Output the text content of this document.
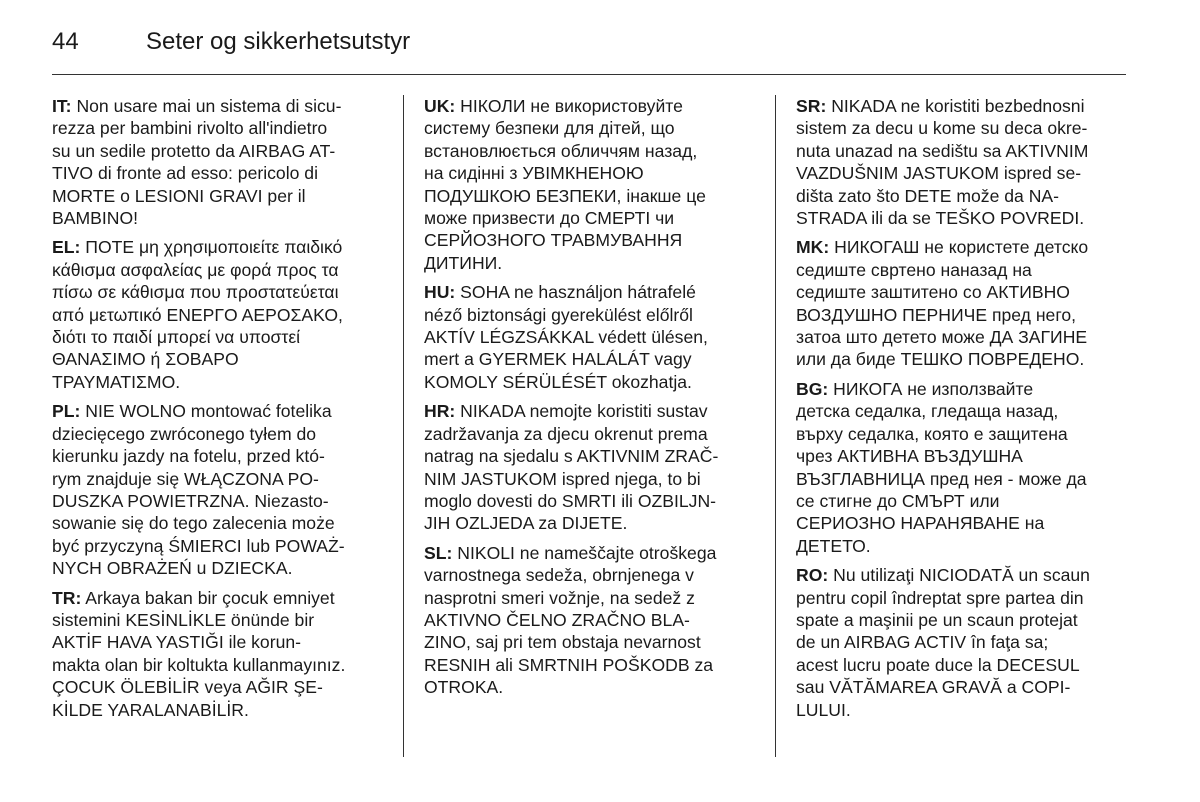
44	Seter og sikkerhetsutstyr
IT: Non usare mai un sistema di sicu-
rezza per bambini rivolto all'indietro
su un sedile protetto da AIRBAG AT-
TIVO di fronte ad esso: pericolo di
MORTE o LESIONI GRAVI per il
BAMBINO!
EL: ΠΟΤΕ μη χρησιμοποιείτε παιδικό
κάθισμα ασφαλείας με φορά προς τα
πίσω σε κάθισμα που προστατεύεται
από μετωπικό ΕΝΕΡΓΟ ΑΕΡΟΣΑΚΟ,
διότι το παιδί μπορεί να υποστεί
ΘΑΝΑΣΙΜΟ ή ΣΟΒΑΡΟ
ΤΡΑΥΜΑΤΙΣΜΟ.
PL: NIE WOLNO montować fotelika
dziecięcego zwróconego tyłem do
kierunku jazdy na fotelu, przed któ-
rym znajduje się WŁĄCZONA PO-
DUSZKA POWIETRZNA. Niezasto-
sowanie się do tego zalecenia może
być przyczyną ŚMIERCI lub POWAŻ-
NYCH OBRAŻEŃ u DZIECKA.
TR: Arkaya bakan bir çocuk emniyet
sistemini KESİNLİKLE önünde bir
AKTİF HAVA YASTIĞI ile korun-
makta olan bir koltukta kullanmayınız.
ÇOCUK ÖLEBİLİR veya AĞIR ŞE-
KİLDE YARALANABİLİR.
UK: НІКОЛИ не використовуйте
систему безпеки для дітей, що
встановлюється обличчям назад,
на сидінні з УВІМКНЕНОЮ
ПОДУШКОЮ БЕЗПЕКИ, інакше це
може призвести до СМЕРТІ чи
СЕРЙОЗНОГО ТРАВМУВАННЯ
ДИТИНИ.
HU: SOHA ne használjon hátrafelé
néző biztonsági gyerekülést előlről
AKTÍV LÉGZSÁKKAL védett ülésen,
mert a GYERMEK HALÁLÁT vagy
KOMOLY SÉRÜLÉSÉT okozhatja.
HR: NIKADA nemojte koristiti sustav
zadržavanja za djecu okrenut prema
natrag na sjedalu s AKTIVNIM ZRAČ-
NIM JASTUKOM ispred njega, to bi
moglo dovesti do SMRTI ili OZBILJN-
JIH OZLJEDA za DIJETE.
SL: NIKOLI ne nameščajte otroškega
varnostnega sedeža, obrnjenega v
nasprotni smeri vožnje, na sedež z
AKTIVNO ČELNO ZRAČNO BLA-
ZINO, saj pri tem obstaja nevarnost
RESNIH ali SMRTNIH POŠKODB za
OTROKA.
SR: NIKADA ne koristiti bezbednosni
sistem za decu u kome su deca okre-
nuta unazad na sedištu sa AKTIVNIM
VAZDUŠNIM JASTUKOM ispred se-
dišta zato što DETE može da NA-
STRADA ili da se TEŠKO POVREDI.
MK: НИКОГАШ не користете детско
седиште свртено наназад на
седиште заштитено со АКТИВНО
ВОЗДУШНО ПЕРНИЧЕ пред него,
затоа што детето може ДА ЗАГИНЕ
или да биде ТЕШКО ПОВРЕДЕНО.
BG: НИКОГА не използвайте
детска седалка, гледаща назад,
върху седалка, която е защитена
чрез АКТИВНА ВЪЗДУШНА
ВЪЗГЛАВНИЦА пред нея - може да
се стигне до СМЪРТ или
СЕРИОЗНО НАРАНЯВАНЕ на
ДЕТЕТО.
RO: Nu utilizaţi NICIODATĂ un scaun
pentru copil îndreptat spre partea din
spate a maşinii pe un scaun protejat
de un AIRBAG ACTIV în faţa sa;
acest lucru poate duce la DECESUL
sau VĂTĂMAREA GRAVĂ a COPI-
LULUI.
